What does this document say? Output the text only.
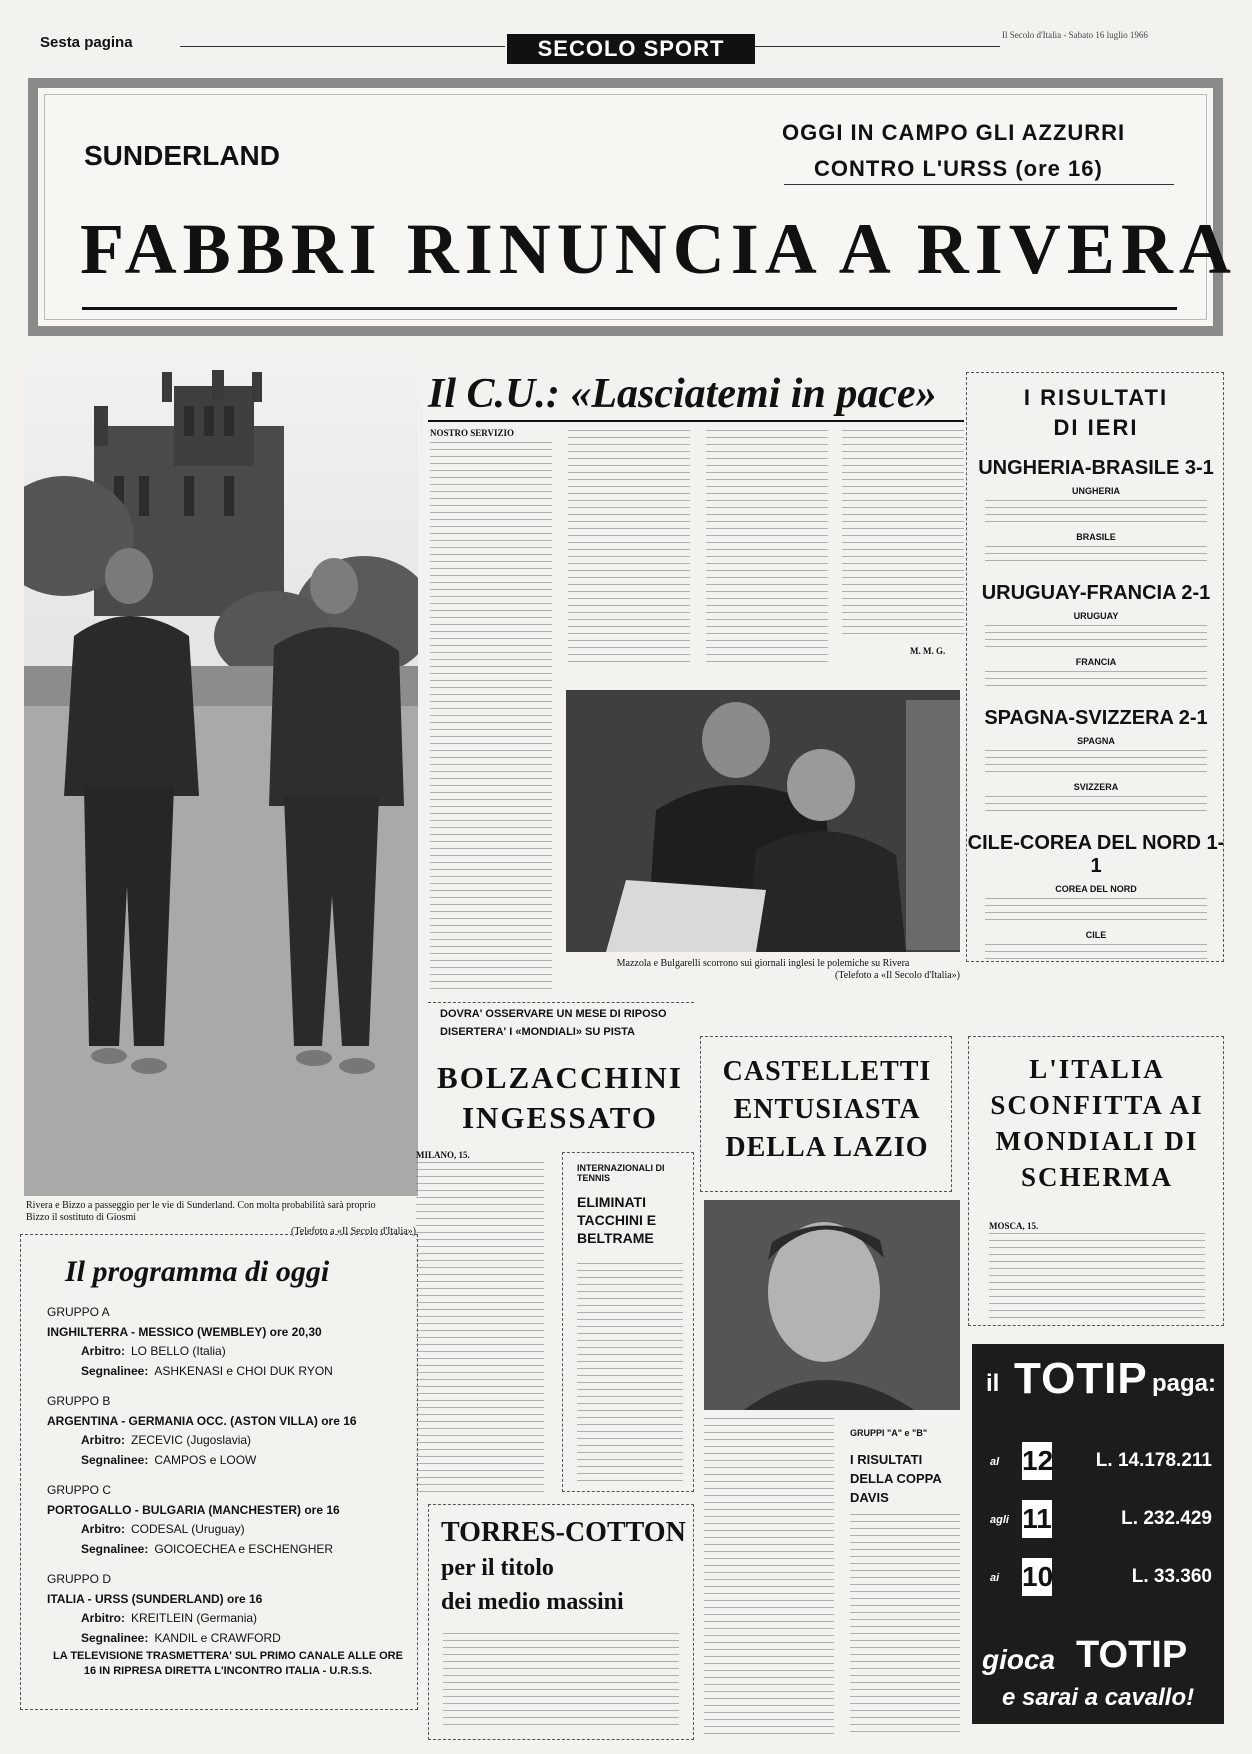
Sesta pagina	SECOLO SPORT
Il Secolo d'Italia - Sabato 16 luglio 1966
SUNDERLAND
OGGI IN CAMPO GLI AZZURRI
CONTRO L'URSS (ore 16)
FABBRI RINUNCIA A RIVERA
Rivera e Bizzo a passeggio per le vie di Sunderland. Con molta probabilità sarà proprio Bizzo il sostituto di Giosmi
(Telefoto a «Il Secolo d'Italia»)
Il programma di oggi
GRUPPO A
INGHILTERRA - MESSICO (WEMBLEY) ore 20,30
Arbitro: LO BELLO (Italia)
Segnalinee: ASHKENASI e CHOI DUK RYON
GRUPPO B
ARGENTINA - GERMANIA OCC. (ASTON VILLA) ore 16
Arbitro: ZECEVIC (Jugoslavia)
Segnalinee: CAMPOS e LOOW
GRUPPO C
PORTOGALLO - BULGARIA (MANCHESTER) ore 16
Arbitro: CODESAL (Uruguay)
Segnalinee: GOICOECHEA e ESCHENGHER
GRUPPO D
ITALIA - URSS (SUNDERLAND) ore 16
Arbitro: KREITLEIN (Germania)
Segnalinee: KANDIL e CRAWFORD
LA TELEVISIONE TRASMETTERA' SUL PRIMO CANALE ALLE ORE 16 IN RIPRESA DIRETTA L'INCONTRO ITALIA - U.R.S.S.
Il C.U.: «Lasciatemi in pace»
NOSTRO SERVIZIO
M. M. G.
Mazzola e Bulgarelli scorrono sui giornali inglesi le polemiche su Rivera
(Telefoto a «Il Secolo d'Italia»)
I RISULTATI
DI IERI
UNGHERIA-BRASILE 3-1
UNGHERIA
BRASILE
URUGUAY-FRANCIA 2-1
URUGUAY
FRANCIA
SPAGNA-SVIZZERA 2-1
SPAGNA
SVIZZERA
CILE-COREA DEL NORD 1-1
COREA DEL NORD
CILE
DOVRA' OSSERVARE UN MESE DI RIPOSO
DISERTERA' I «MONDIALI» SU PISTA
BOLZACCHINI INGESSATO
MILANO, 15.
INTERNAZIONALI DI TENNIS
ELIMINATI TACCHINI E BELTRAME
TORRES-COTTON
per il titolo
dei medio massini
CASTELLETTI ENTUSIASTA DELLA LAZIO
GRUPPI "A" e "B"
I RISULTATI DELLA COPPA DAVIS
L'ITALIA SCONFITTA AI MONDIALI DI SCHERMA
MOSCA, 15.
il TOTIP paga:
al 12	L. 14.178.211
agli 11	L. 232.429
ai 10	L. 33.360
gioca TOTIP
e sarai a cavallo!
